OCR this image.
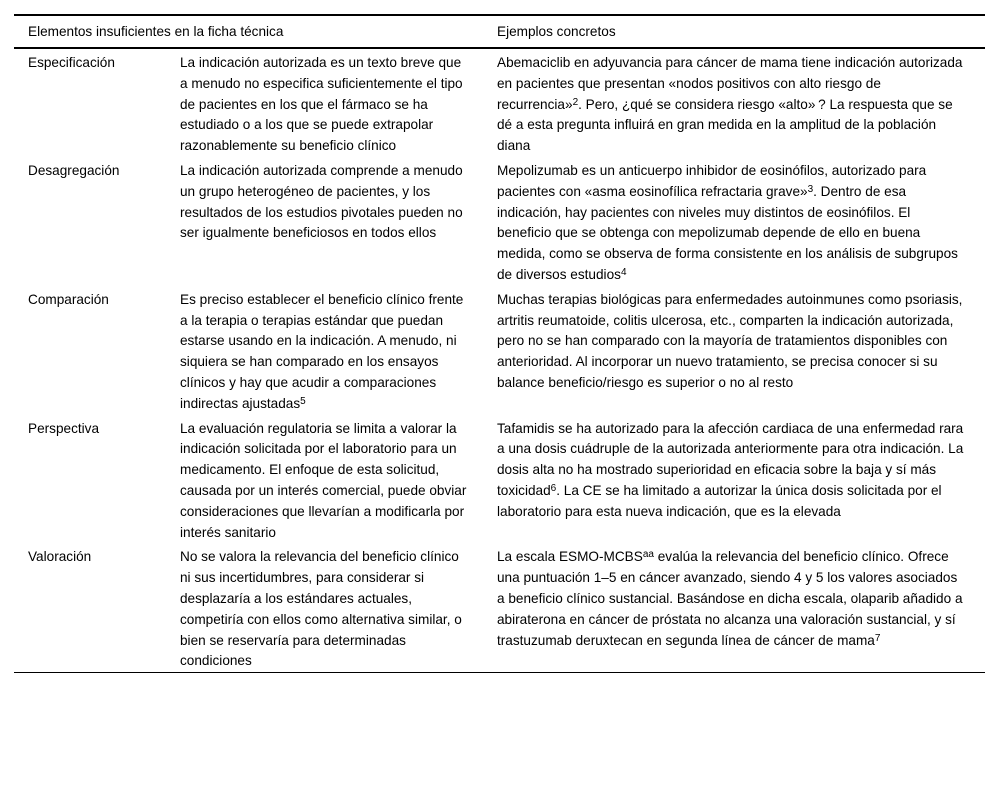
Elementos insuficientes en la ficha técnica		Ejemplos concretos
Especificación	La indicación autorizada es un texto breve que a menudo no especifica suficientemente el tipo de pacientes en los que el fármaco se ha estudiado o a los que se puede extrapolar razonablemente su beneficio clínico	Abemaciclib en adyuvancia para cáncer de mama tiene indicación autorizada en pacientes que presentan «nodos positivos con alto riesgo de recurrencia»$^2$. Pero, ¿qué se considera riesgo «alto» ? La respuesta que se dé a esta pregunta influirá en gran medida en la amplitud de la población diana
Desagregación	La indicación autorizada comprende a menudo un grupo heterogéneo de pacientes, y los resultados de los estudios pivotales pueden no ser igualmente beneficiosos en todos ellos	Mepolizumab es un anticuerpo inhibidor de eosinófilos, autorizado para pacientes con «asma eosinofílica refractaria grave»$^3$. Dentro de esa indicación, hay pacientes con niveles muy distintos de eosinófilos. El beneficio que se obtenga con mepolizumab depende de ello en buena medida, como se observa de forma consistente en los análisis de subgrupos de diversos estudios$^4$
Comparación	Es preciso establecer el beneficio clínico frente a la terapia o terapias estándar que puedan estarse usando en la indicación. A menudo, ni siquiera se han comparado en los ensayos clínicos y hay que acudir a comparaciones indirectas ajustadas$^5$	Muchas terapias biológicas para enfermedades autoinmunes como psoriasis, artritis reumatoide, colitis ulcerosa, etc., comparten la indicación autorizada, pero no se han comparado con la mayoría de tratamientos disponibles con anterioridad. Al incorporar un nuevo tratamiento, se precisa conocer si su balance beneficio/riesgo es superior o no al resto
Perspectiva	La evaluación regulatoria se limita a valorar la indicación solicitada por el laboratorio para un medicamento. El enfoque de esta solicitud, causada por un interés comercial, puede obviar consideraciones que llevarían a modificarla por interés sanitario	Tafamidis se ha autorizado para la afección cardiaca de una enfermedad rara a una dosis cuádruple de la autorizada anteriormente para otra indicación. La dosis alta no ha mostrado superioridad en eficacia sobre la baja y sí más toxicidad$^6$. La CE se ha limitado a autorizar la única dosis solicitada por el laboratorio para esta nueva indicación, que es la elevada
Valoración	No se valora la relevancia del beneficio clínico ni sus incertidumbres, para considerar si desplazaría a los estándares actuales, competiría con ellos como alternativa similar, o bien se reservaría para determinadas condiciones	La escala ESMO-$MCBS^{aa}$ evalúa la relevancia del beneficio clínico. Ofrece una puntuación 1–5 en cáncer avanzado, siendo 4 y 5 los valores asociados a beneficio clínico sustancial. Basándose en dicha escala, olaparib añadido a abiraterona en cáncer de próstata no alcanza una valoración sustancial, y sí trastuzumab deruxtecan en segunda línea de cáncer de mama$^7$
